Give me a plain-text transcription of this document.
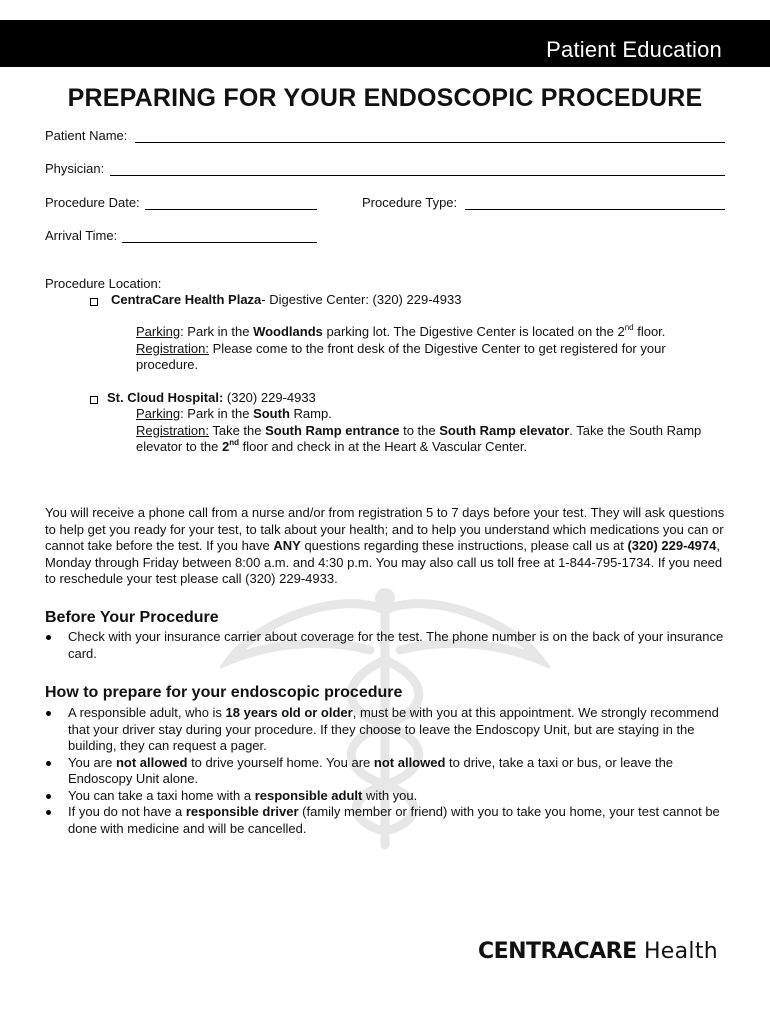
Patient Education
PREPARING FOR YOUR ENDOSCOPIC PROCEDURE
Patient Name:
Physician:
Procedure Date:	Procedure Type:
Arrival Time:
Procedure Location:
CentraCare Health Plaza- Digestive Center: (320) 229-4933
Parking: Park in the Woodlands parking lot. The Digestive Center is located on the 2nd floor.
Registration: Please come to the front desk of the Digestive Center to get registered for your procedure.
St. Cloud Hospital: (320) 229-4933
Parking: Park in the South Ramp.
Registration: Take the South Ramp entrance to the South Ramp elevator. Take the South Ramp elevator to the 2nd floor and check in at the Heart & Vascular Center.
You will receive a phone call from a nurse and/or from registration 5 to 7 days before your test. They will ask questions to help get you ready for your test, to talk about your health; and to help you understand which medications you can or cannot take before the test. If you have ANY questions regarding these instructions, please call us at (320) 229-4974, Monday through Friday between 8:00 a.m. and 4:30 p.m. You may also call us toll free at 1-844-795-1734. If you need to reschedule your test please call (320) 229-4933.
Before Your Procedure
Check with your insurance carrier about coverage for the test. The phone number is on the back of your insurance card.
How to prepare for your endoscopic procedure
A responsible adult, who is 18 years old or older, must be with you at this appointment. We strongly recommend that your driver stay during your procedure. If they choose to leave the Endoscopy Unit, but are staying in the building, they can request a pager.
You are not allowed to drive yourself home. You are not allowed to drive, take a taxi or bus, or leave the Endoscopy Unit alone.
You can take a taxi home with a responsible adult with you.
If you do not have a responsible driver (family member or friend) with you to take you home, your test cannot be done with medicine and will be cancelled.
CENTRACARE Health
